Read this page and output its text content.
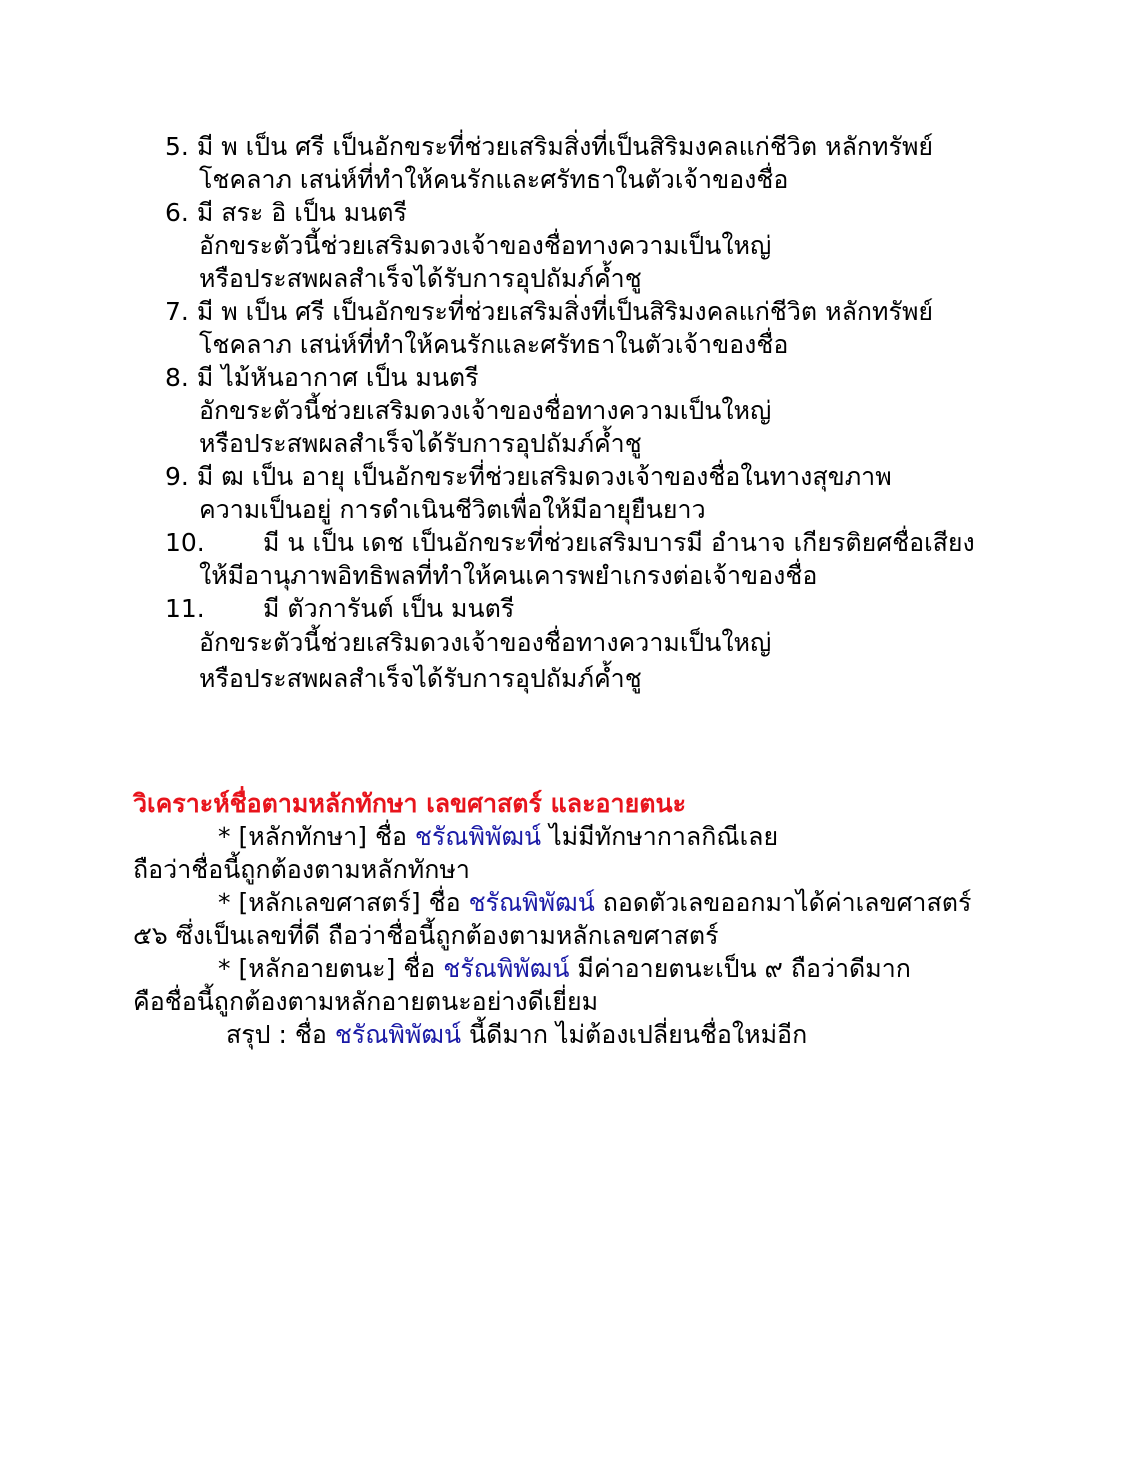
5. มี พ เป็น ศรี เป็นอักขระที่ช่วยเสริมสิ่งที่เป็นสิริมงคลแก่ชีวิต หลักทรัพย์
โชคลาภ เสน่ห์ที่ทำให้คนรักและศรัทธาในตัวเจ้าของชื่อ
6. มี สระ อิ เป็น มนตรี
อักขระตัวนี้ช่วยเสริมดวงเจ้าของชื่อทางความเป็นใหญ่
หรือประสพผลสำเร็จได้รับการอุปถัมภ์ค้ำชู
7. มี พ เป็น ศรี เป็นอักขระที่ช่วยเสริมสิ่งที่เป็นสิริมงคลแก่ชีวิต หลักทรัพย์
โชคลาภ เสน่ห์ที่ทำให้คนรักและศรัทธาในตัวเจ้าของชื่อ
8. มี ไม้หันอากาศ เป็น มนตรี
อักขระตัวนี้ช่วยเสริมดวงเจ้าของชื่อทางความเป็นใหญ่
หรือประสพผลสำเร็จได้รับการอุปถัมภ์ค้ำชู
9. มี ฒ เป็น อายุ เป็นอักขระที่ช่วยเสริมดวงเจ้าของชื่อในทางสุขภาพ
ความเป็นอยู่ การดำเนินชีวิตเพื่อให้มีอายุยืนยาว
10. มี น เป็น เดช เป็นอักขระที่ช่วยเสริมบารมี อำนาจ เกียรติยศชื่อเสียง
ให้มีอานุภาพอิทธิพลที่ทำให้คนเคารพยำเกรงต่อเจ้าของชื่อ
11. มี ตัวการันต์ เป็น มนตรี
อักขระตัวนี้ช่วยเสริมดวงเจ้าของชื่อทางความเป็นใหญ่
หรือประสพผลสำเร็จได้รับการอุปถัมภ์ค้ำชู
วิเคราะห์ชื่อตามหลักทักษา เลขศาสตร์ และอายตนะ
* [หลักทักษา] ชื่อ ชรัณพิพัฒน์ ไม่มีทักษากาลกิณีเลย
ถือว่าชื่อนี้ถูกต้องตามหลักทักษา
* [หลักเลขศาสตร์] ชื่อ ชรัณพิพัฒน์ ถอดตัวเลขออกมาได้ค่าเลขศาสตร์
๕๖ ซึ่งเป็นเลขที่ดี ถือว่าชื่อนี้ถูกต้องตามหลักเลขศาสตร์
* [หลักอายตนะ] ชื่อ ชรัณพิพัฒน์ มีค่าอายตนะเป็น ๙ ถือว่าดีมาก
คือชื่อนี้ถูกต้องตามหลักอายตนะอย่างดีเยี่ยม
สรุป : ชื่อ ชรัณพิพัฒน์ นี้ดีมาก ไม่ต้องเปลี่ยนชื่อใหม่อีก
